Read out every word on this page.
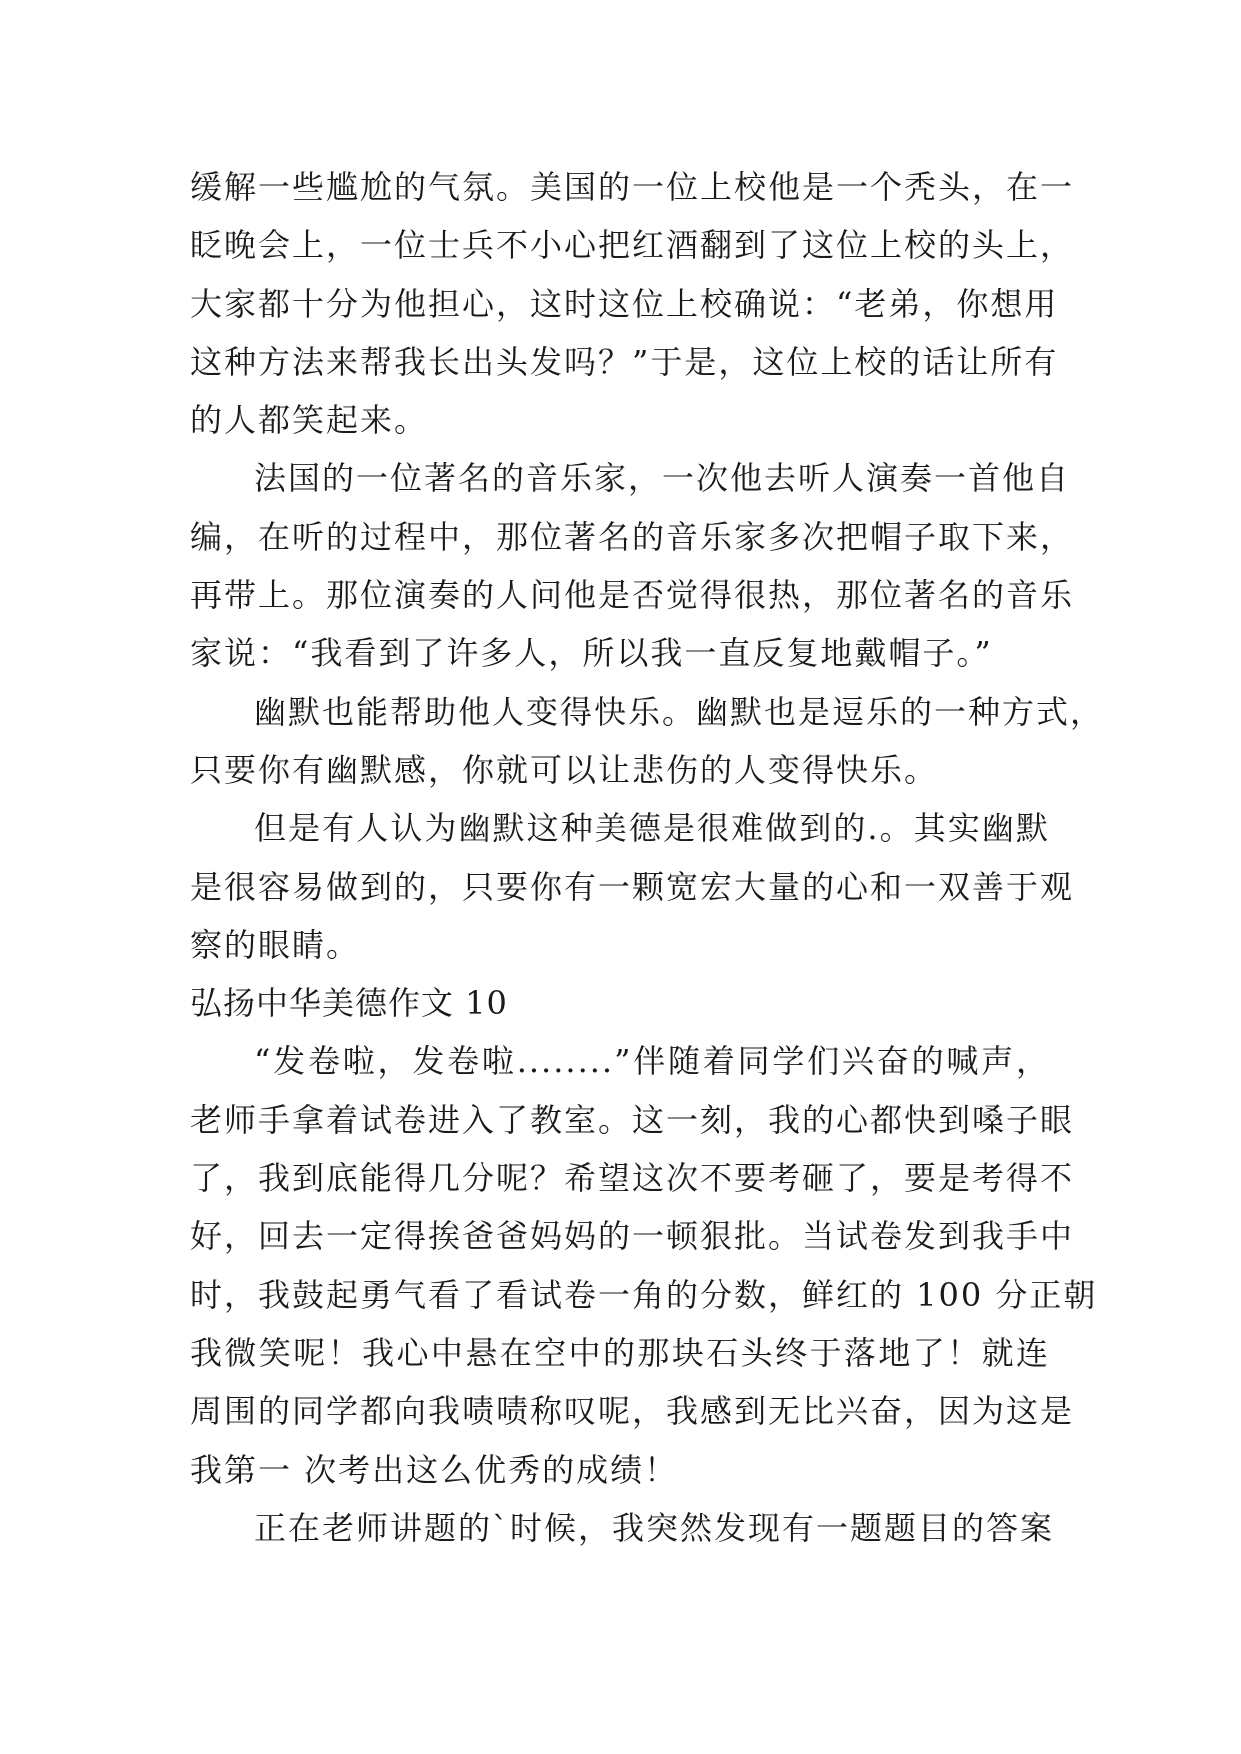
缓解一些尴尬的气氛。美国的一位上校他是一个秃头，在一
眨晚会上，一位士兵不小心把红酒翻到了这位上校的头上，
大家都十分为他担心，这时这位上校确说：“老弟，你想用
这种方法来帮我长出头发吗？”于是，这位上校的话让所有
的人都笑起来。
法国的一位著名的音乐家，一次他去听人演奏一首他自
编，在听的过程中，那位著名的音乐家多次把帽子取下来，
再带上。那位演奏的人问他是否觉得很热，那位著名的音乐
家说：“我看到了许多人，所以我一直反复地戴帽子。”
幽默也能帮助他人变得快乐。幽默也是逗乐的一种方式，
只要你有幽默感，你就可以让悲伤的人变得快乐。
但是有人认为幽默这种美德是很难做到的.。其实幽默
是很容易做到的，只要你有一颗宽宏大量的心和一双善于观
察的眼睛。
弘扬中华美德作文 10
“发卷啦，发卷啦........”伴随着同学们兴奋的喊声，
老师手拿着试卷进入了教室。这一刻，我的心都快到嗓子眼
了，我到底能得几分呢？希望这次不要考砸了，要是考得不
好，回去一定得挨爸爸妈妈的一顿狠批。当试卷发到我手中
时，我鼓起勇气看了看试卷一角的分数，鲜红的 100 分正朝
我微笑呢！我心中悬在空中的那块石头终于落地了！就连
周围的同学都向我啧啧称叹呢，我感到无比兴奋，因为这是
我第一 次考出这么优秀的成绩！
正在老师讲题的`时候，我突然发现有一题题目的答案
